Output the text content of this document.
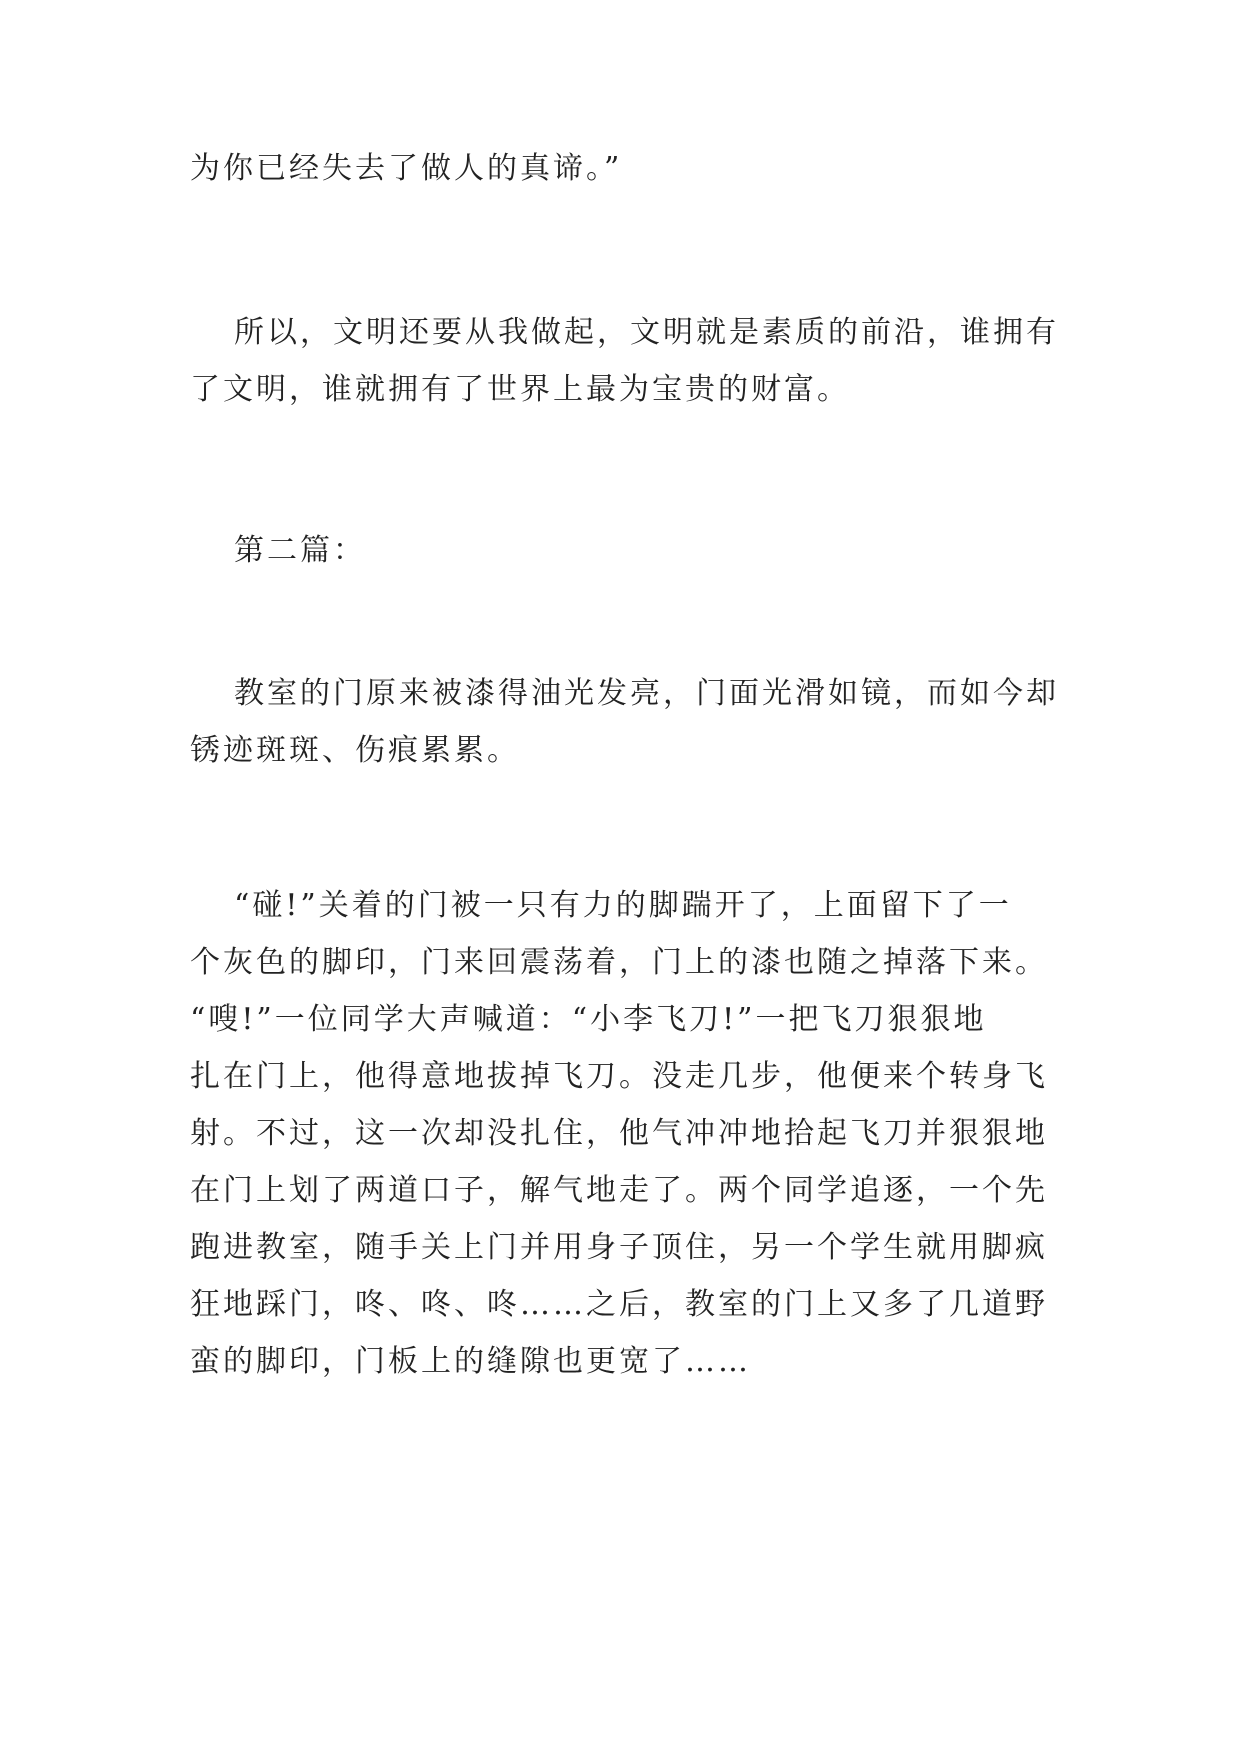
为你已经失去了做人的真谛。”

所以，文明还要从我做起，文明就是素质的前沿，谁拥有
了文明，谁就拥有了世界上最为宝贵的财富。

第二篇：

教室的门原来被漆得油光发亮，门面光滑如镜，而如今却
锈迹斑斑、伤痕累累。

“碰!”关着的门被一只有力的脚踹开了，上面留下了一
个灰色的脚印，门来回震荡着，门上的漆也随之掉落下来。
“嗖!”一位同学大声喊道：“小李飞刀!”一把飞刀狠狠地
扎在门上，他得意地拔掉飞刀。没走几步，他便来个转身飞
射。不过，这一次却没扎住，他气冲冲地拾起飞刀并狠狠地
在门上划了两道口子，解气地走了。两个同学追逐，一个先
跑进教室，随手关上门并用身子顶住，另一个学生就用脚疯
狂地踩门，咚、咚、咚……之后，教室的门上又多了几道野
蛮的脚印，门板上的缝隙也更宽了……
